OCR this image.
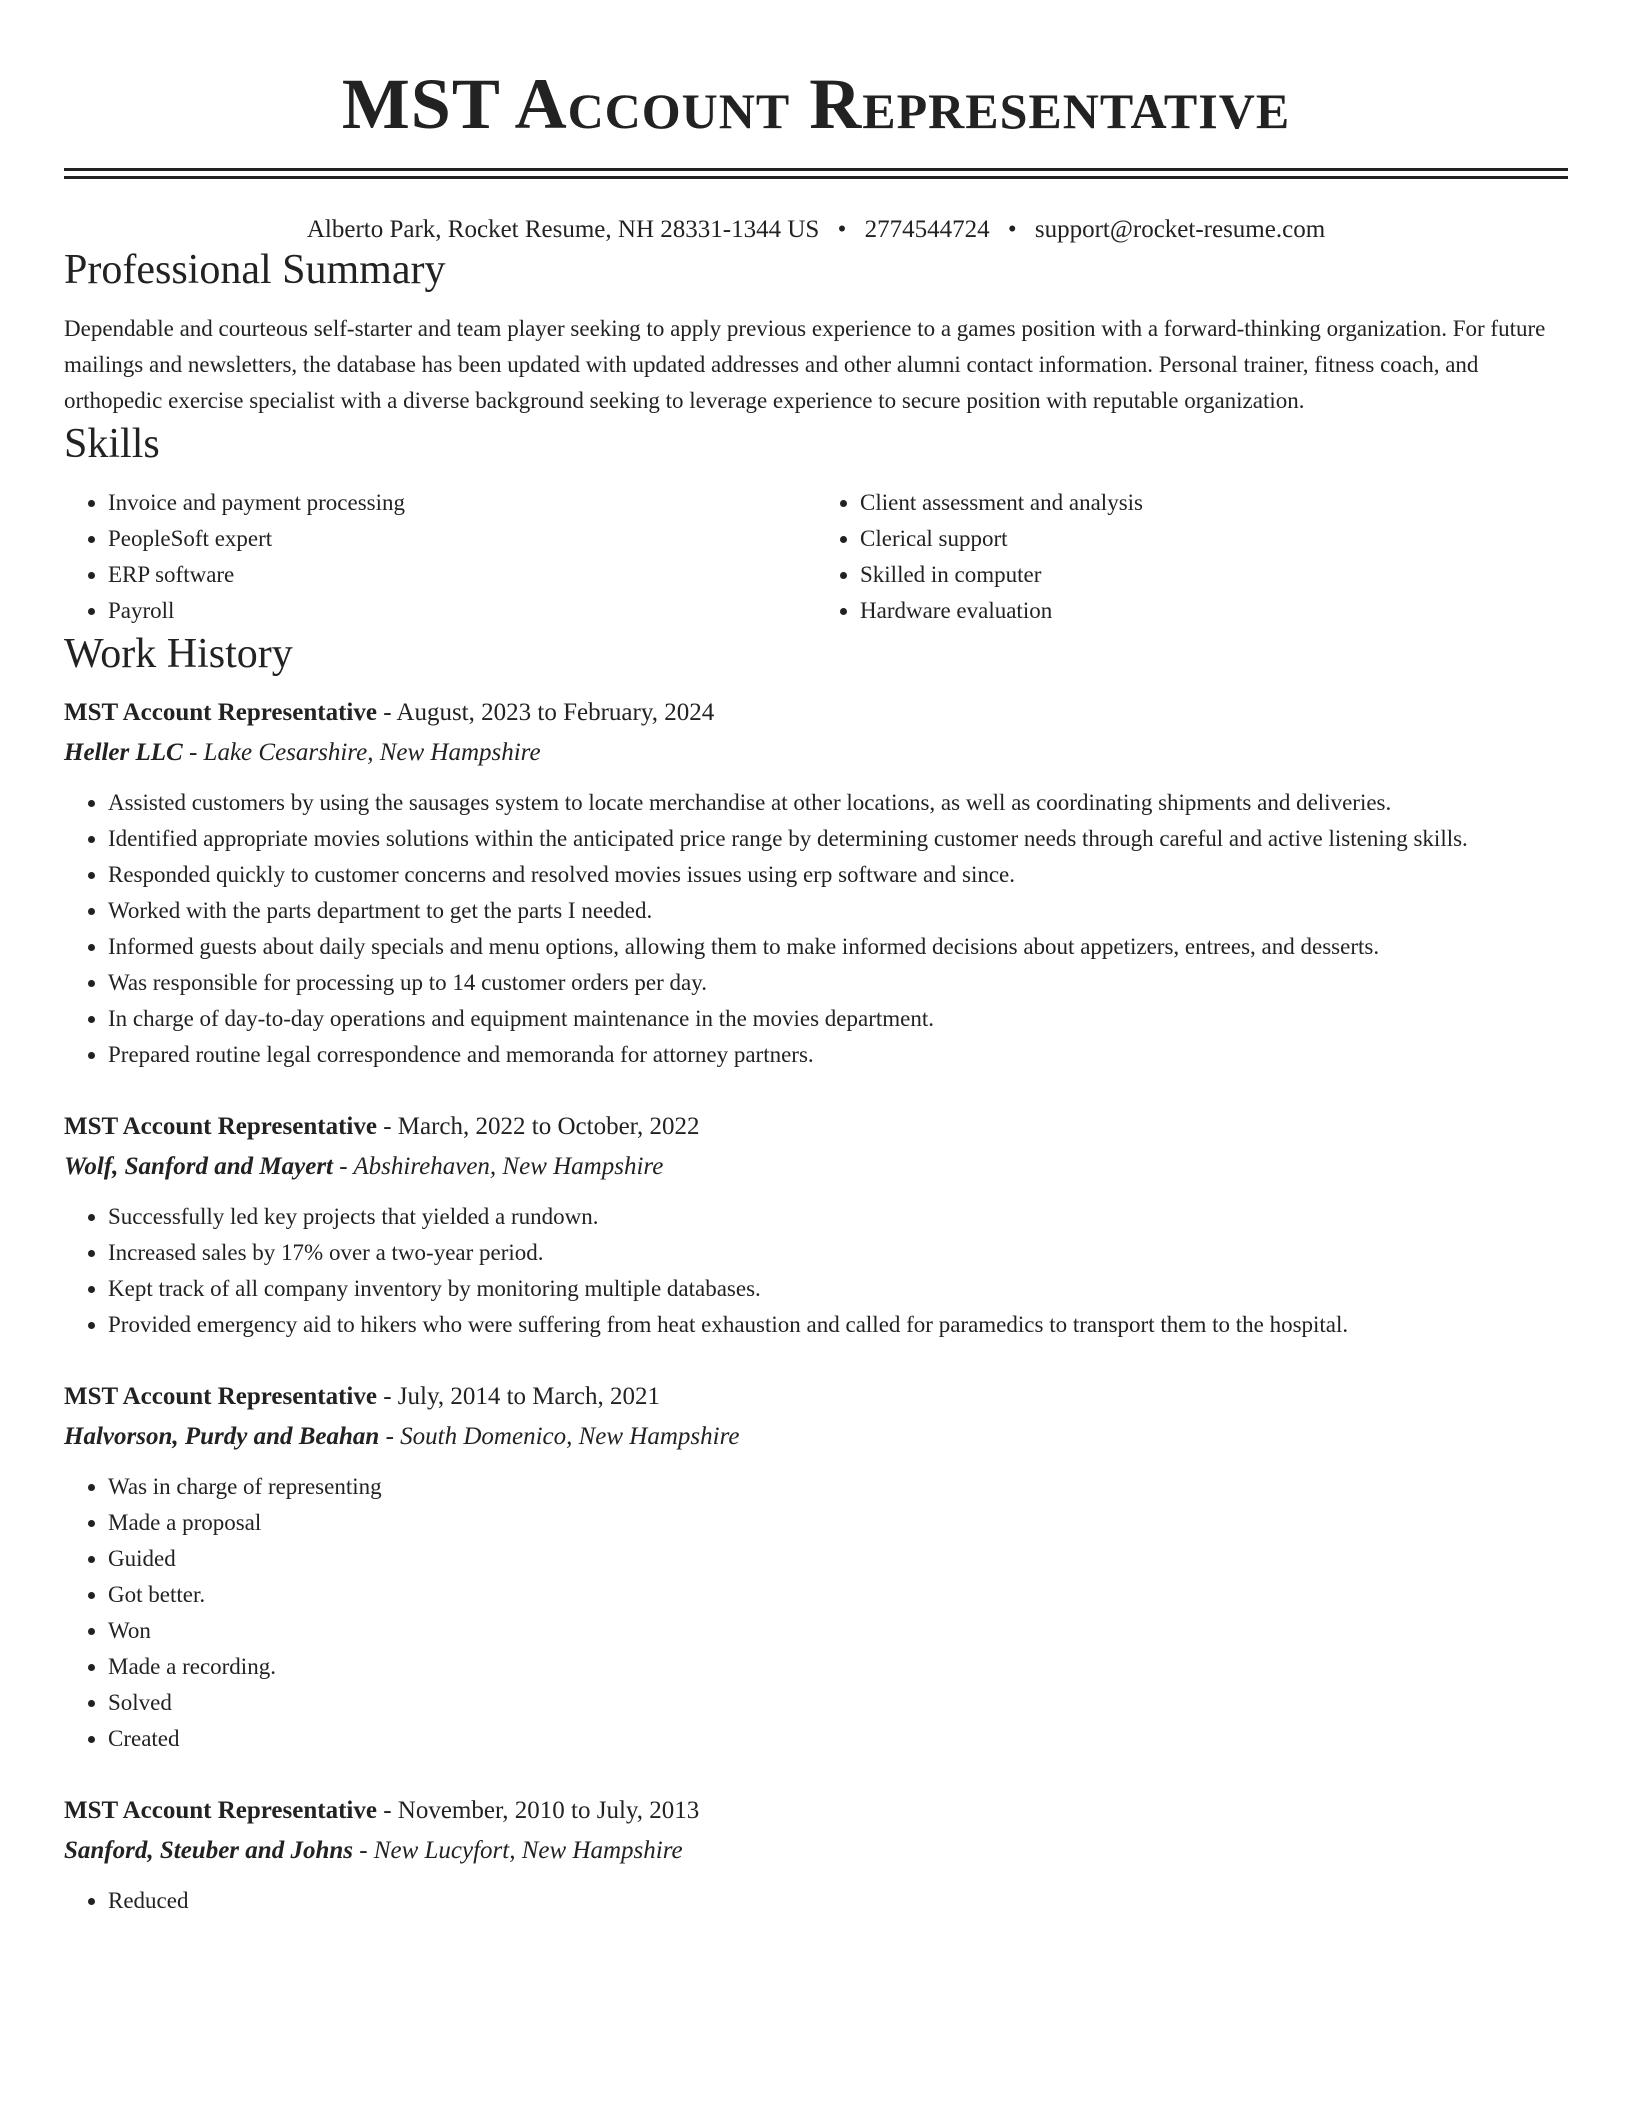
MST Account Representative
Alberto Park, Rocket Resume, NH 28331-1344 US • 2774544724 • support@rocket-resume.com
Professional Summary

Dependable and courteous self-starter and team player seeking to apply previous experience to a games position with a forward-thinking organization. For future mailings and newsletters, the database has been updated with updated addresses and other alumni contact information. Personal trainer, fitness coach, and orthopedic exercise specialist with a diverse background seeking to leverage experience to secure position with reputable organization.

Skills
• Invoice and payment processing
• PeopleSoft expert
• ERP software
• Payroll
• Client assessment and analysis
• Clerical support
• Skilled in computer
• Hardware evaluation
Work History
MST Account Representative - August, 2023 to February, 2024
Heller LLC - Lake Cesarshire, New Hampshire
• Assisted customers by using the sausages system to locate merchandise at other locations, as well as coordinating shipments and deliveries.
• Identified appropriate movies solutions within the anticipated price range by determining customer needs through careful and active listening skills.
• Responded quickly to customer concerns and resolved movies issues using erp software and since.
• Worked with the parts department to get the parts I needed.
• Informed guests about daily specials and menu options, allowing them to make informed decisions about appetizers, entrees, and desserts.
• Was responsible for processing up to 14 customer orders per day.
• In charge of day-to-day operations and equipment maintenance in the movies department.
• Prepared routine legal correspondence and memoranda for attorney partners.
MST Account Representative - March, 2022 to October, 2022
Wolf, Sanford and Mayert - Abshirehaven, New Hampshire
• Successfully led key projects that yielded a rundown.
• Increased sales by 17% over a two-year period.
• Kept track of all company inventory by monitoring multiple databases.
• Provided emergency aid to hikers who were suffering from heat exhaustion and called for paramedics to transport them to the hospital.
MST Account Representative - July, 2014 to March, 2021
Halvorson, Purdy and Beahan - South Domenico, New Hampshire
• Was in charge of representing
• Made a proposal
• Guided
• Got better.
• Won
• Made a recording.
• Solved
• Created
MST Account Representative - November, 2010 to July, 2013
Sanford, Steuber and Johns - New Lucyfort, New Hampshire
• Reduced
